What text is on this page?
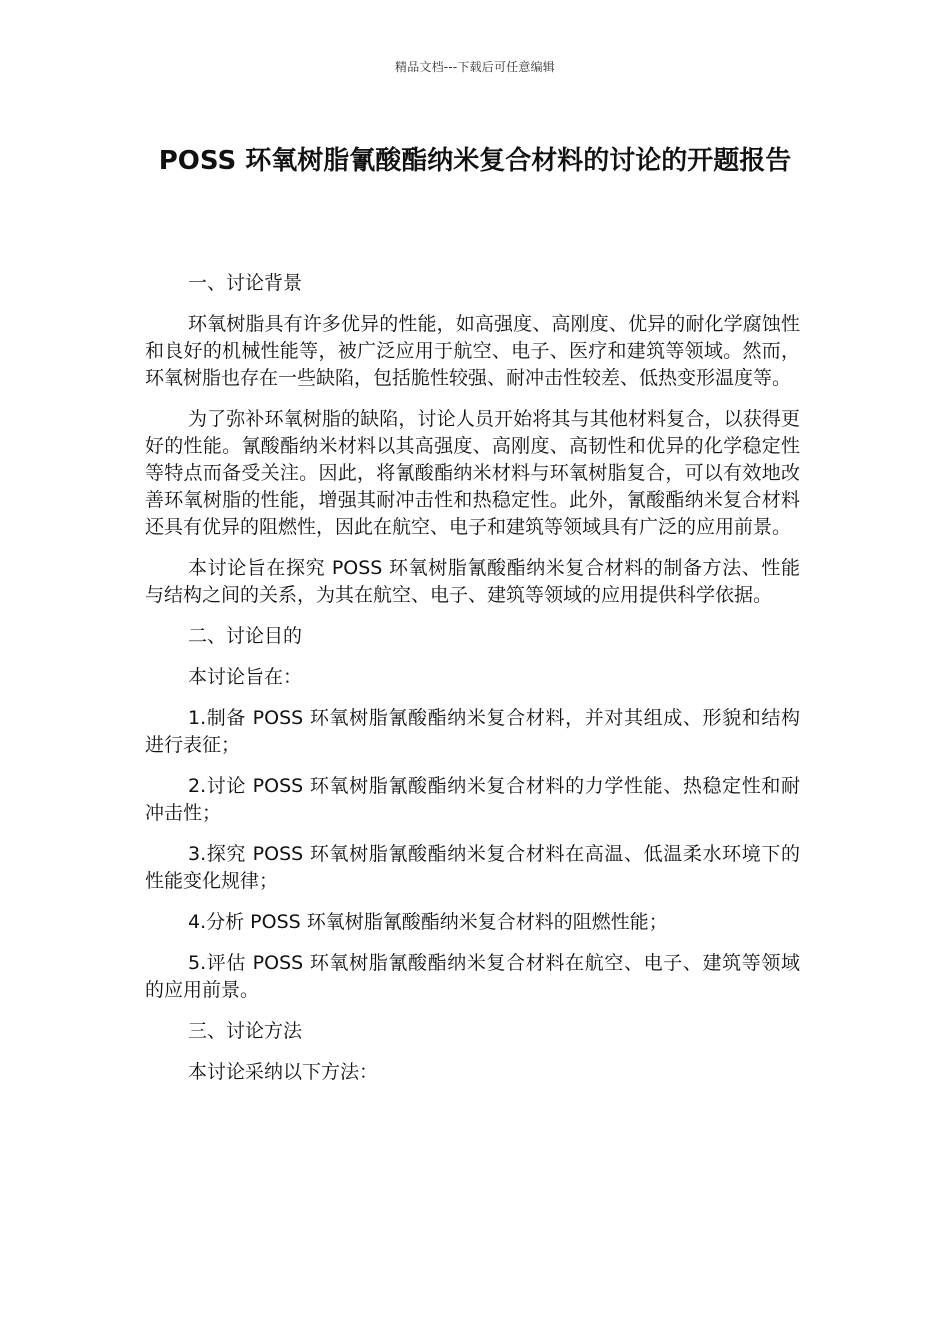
精品文档---下载后可任意编辑
POSS 环氧树脂氰酸酯纳米复合材料的讨论的开题报告

一、讨论背景

环氧树脂具有许多优异的性能，如高强度、高刚度、优异的耐化学腐蚀性和良好的机械性能等，被广泛应用于航空、电子、医疗和建筑等领域。然而，环氧树脂也存在一些缺陷，包括脆性较强、耐冲击性较差、低热变形温度等。

为了弥补环氧树脂的缺陷，讨论人员开始将其与其他材料复合，以获得更好的性能。氰酸酯纳米材料以其高强度、高刚度、高韧性和优异的化学稳定性等特点而备受关注。因此，将氰酸酯纳米材料与环氧树脂复合，可以有效地改善环氧树脂的性能，增强其耐冲击性和热稳定性。此外，氰酸酯纳米复合材料还具有优异的阻燃性，因此在航空、电子和建筑等领域具有广泛的应用前景。

本讨论旨在探究 POSS 环氧树脂氰酸酯纳米复合材料的制备方法、性能与结构之间的关系，为其在航空、电子、建筑等领域的应用提供科学依据。

二、讨论目的

本讨论旨在：

1.制备 POSS 环氧树脂氰酸酯纳米复合材料，并对其组成、形貌和结构进行表征；

2.讨论 POSS 环氧树脂氰酸酯纳米复合材料的力学性能、热稳定性和耐冲击性；

3.探究 POSS 环氧树脂氰酸酯纳米复合材料在高温、低温柔水环境下的性能变化规律；

4.分析 POSS 环氧树脂氰酸酯纳米复合材料的阻燃性能；

5.评估 POSS 环氧树脂氰酸酯纳米复合材料在航空、电子、建筑等领域的应用前景。

三、讨论方法

本讨论采纳以下方法：
